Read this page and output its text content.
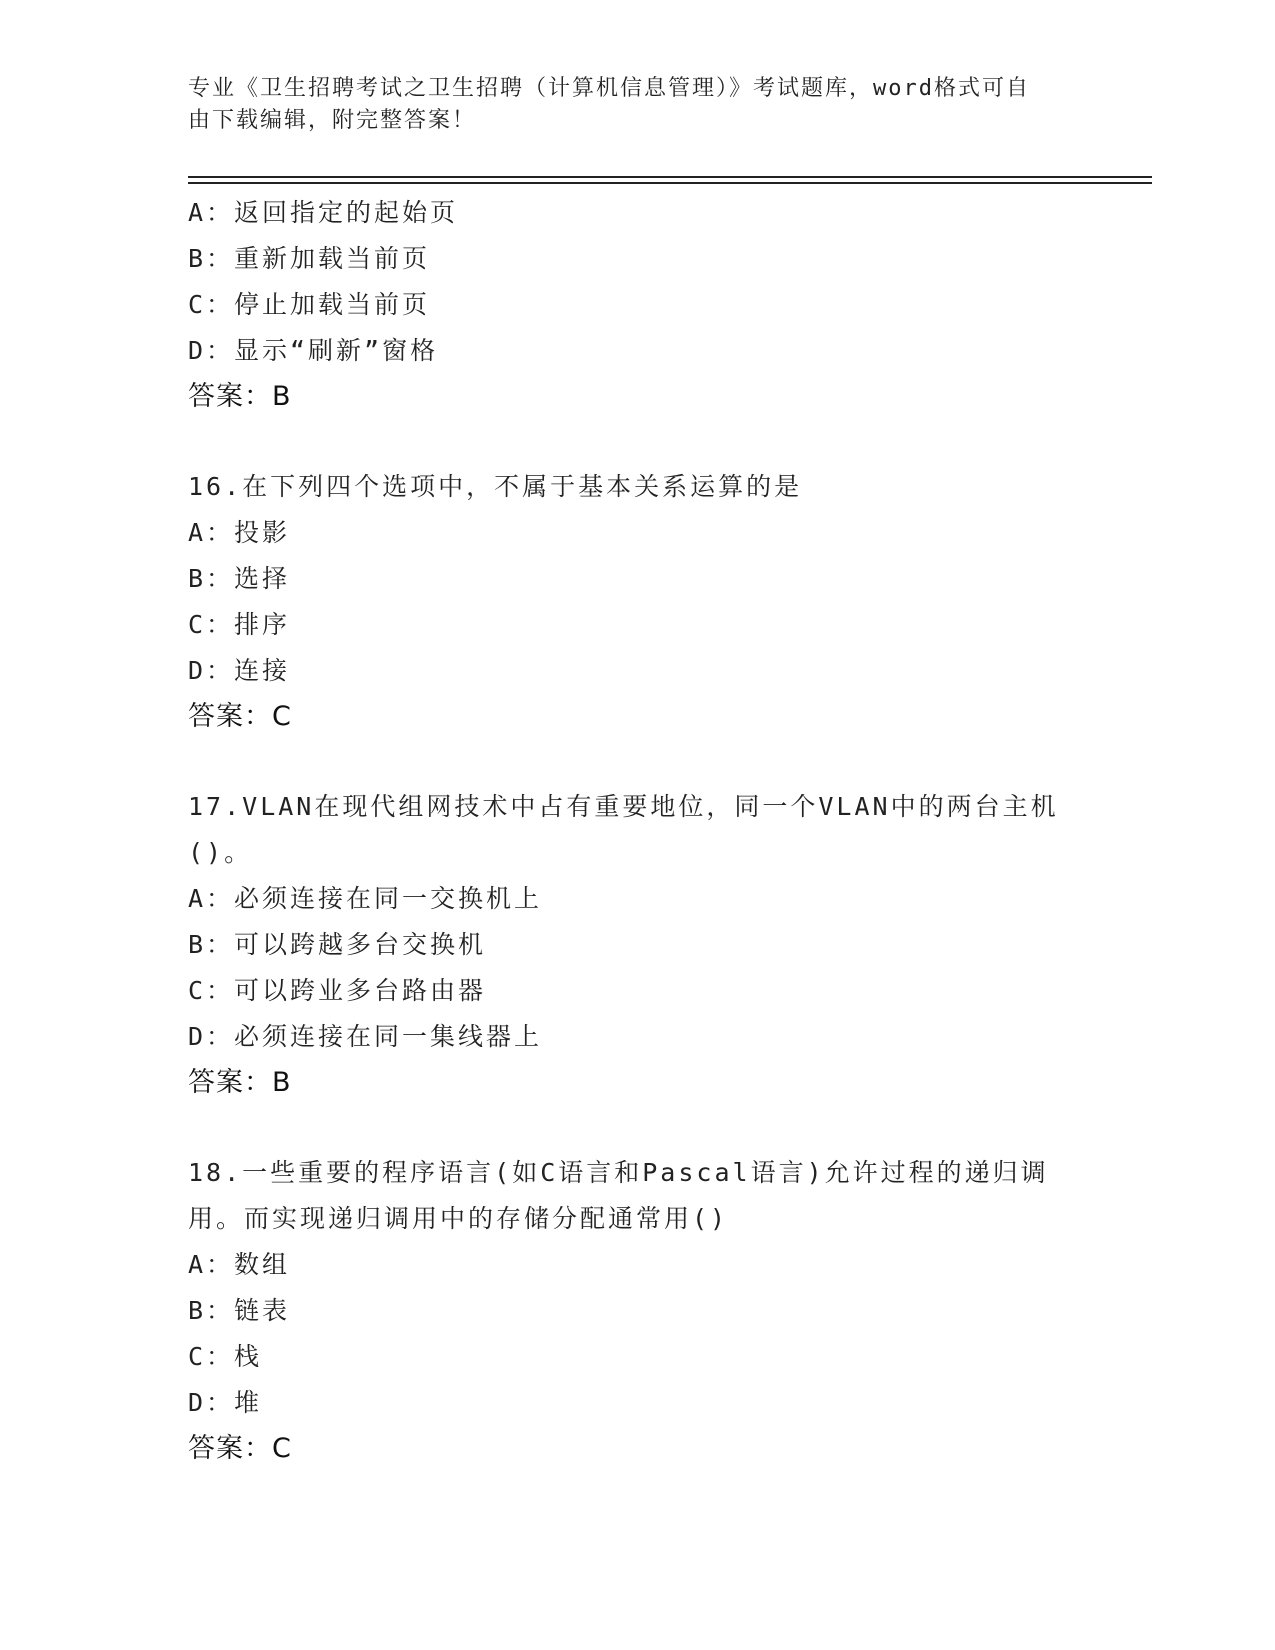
专业《卫生招聘考试之卫生招聘（计算机信息管理）》考试题库，word格式可自
由下载编辑，附完整答案！
A：返回指定的起始页
B：重新加载当前页
C：停止加载当前页
D：显示“刷新”窗格
答案：B
16.在下列四个选项中，不属于基本关系运算的是
A：投影
B：选择
C：排序
D：连接
答案：C
17.VLAN在现代组网技术中占有重要地位，同一个VLAN中的两台主机
()。
A：必须连接在同一交换机上
B：可以跨越多台交换机
C：可以跨业多台路由器
D：必须连接在同一集线器上
答案：B
18.一些重要的程序语言(如C语言和Pascal语言)允许过程的递归调
用。而实现递归调用中的存储分配通常用()
A：数组
B：链表
C：栈
D：堆
答案：C
